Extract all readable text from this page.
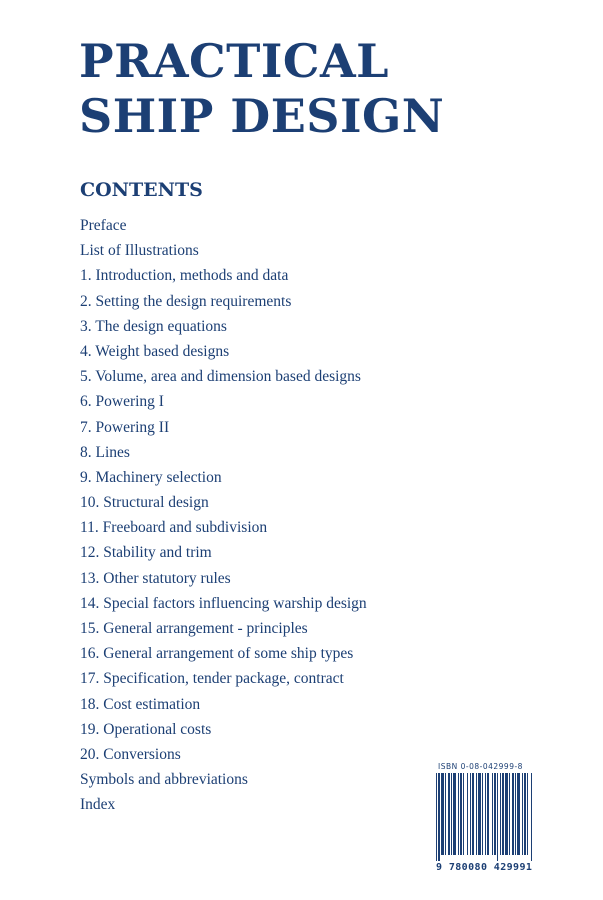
PRACTICAL
SHIP DESIGN
CONTENTS
Preface
List of Illustrations
1. Introduction, methods and data
2. Setting the design requirements
3. The design equations
4. Weight based designs
5. Volume, area and dimension based designs
6. Powering I
7. Powering II
8. Lines
9. Machinery selection
10. Structural design
11. Freeboard and subdivision
12. Stability and trim
13. Other statutory rules
14. Special factors influencing warship design
15. General arrangement - principles
16. General arrangement of some ship types
17. Specification, tender package, contract
18. Cost estimation
19. Operational costs
20. Conversions
Symbols and abbreviations
Index
ISBN 0-08-042999-8
9 780080 429991
